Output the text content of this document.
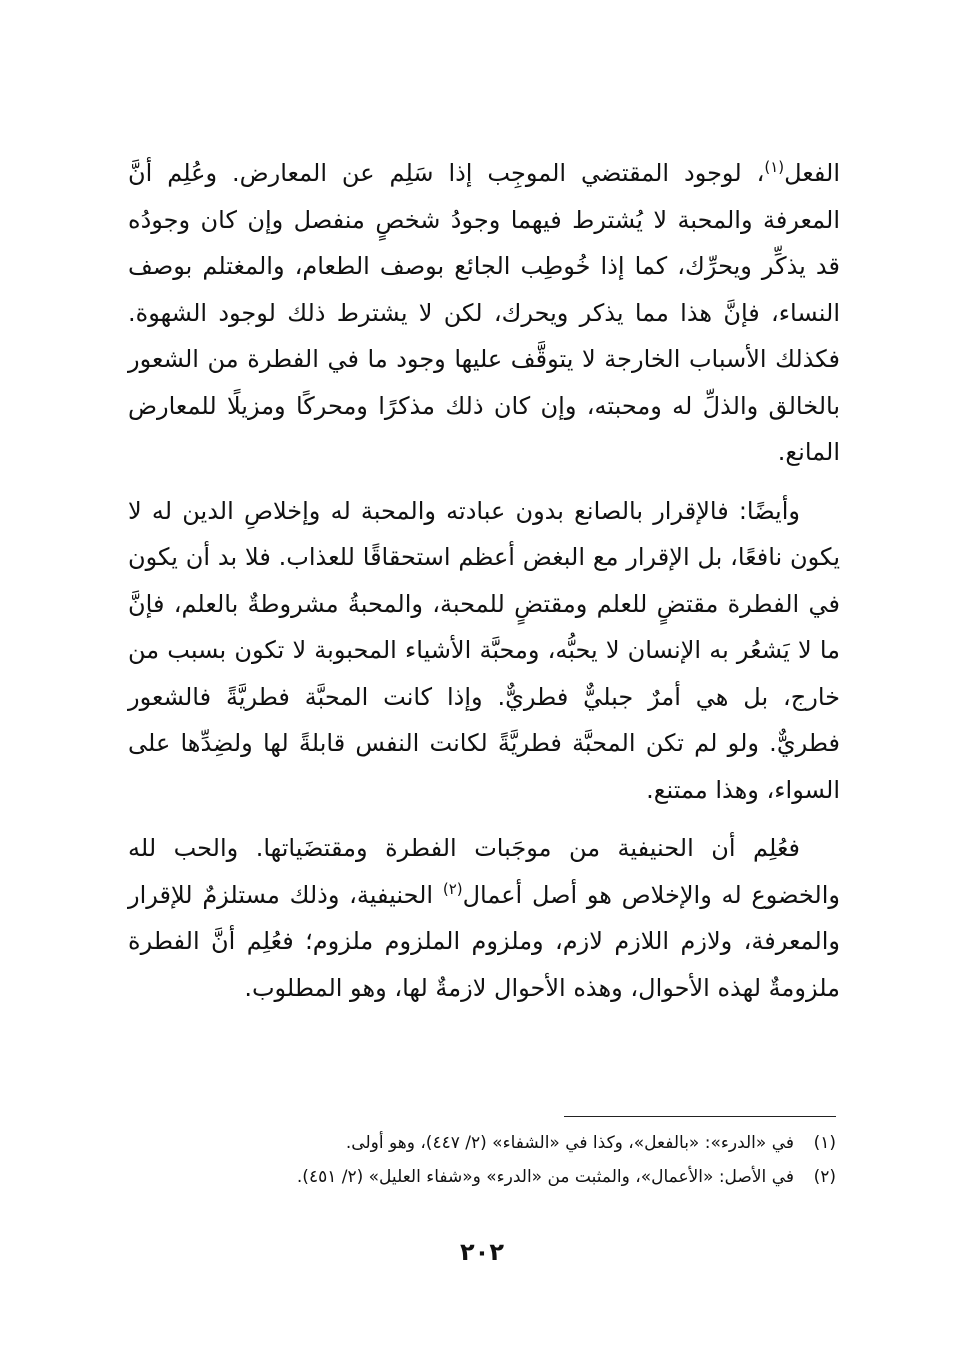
الفعل$^{(١)}$، لوجود المقتضي الموجِب إذا سَلِم عن المعارض. وعُلِم أنَّ المعرفة والمحبة لا يُشترط فيهما وجودُ شخصٍ منفصل وإن كان وجودُه قد يذكِّر ويحرِّك، كما إذا خُوطِب الجائع بوصف الطعام، والمغتلم بوصف النساء، فإنَّ هذا مما يذكر ويحرك، لكن لا يشترط ذلك لوجود الشهوة. فكذلك الأسباب الخارجة لا يتوقَّف عليها وجود ما في الفطرة من الشعور بالخالق والذلِّ له ومحبته، وإن كان ذلك مذكرًا ومحركًا ومزيلًا للمعارض المانع.

وأيضًا: فالإقرار بالصانع بدون عبادته والمحبة له وإخلاصِ الدين له لا يكون نافعًا، بل الإقرار مع البغض أعظم استحقاقًا للعذاب. فلا بد أن يكون في الفطرة مقتضٍ للعلم ومقتضٍ للمحبة، والمحبةُ مشروطةٌ بالعلم، فإنَّ ما لا يَشعُر به الإنسان لا يحبُّه، ومحبَّة الأشياء المحبوبة لا تكون بسبب من خارج، بل هي أمرٌ جبليٌّ فطريٌّ. وإذا كانت المحبَّة فطريَّةً فالشعور فطريٌّ. ولو لم تكن المحبَّة فطريَّةً لكانت النفس قابلةً لها ولضِدِّها على السواء، وهذا ممتنع.

فعُلِم أن الحنيفية من موجَبات الفطرة ومقتضَياتها. والحب لله والخضوع له والإخلاص هو أصل أعمال$^{(٢)}$ الحنيفية، وذلك مستلزمٌ للإقرار والمعرفة، ولازم اللازم لازم، وملزوم الملزوم ملزوم؛ فعُلِم أنَّ الفطرة ملزومةٌ لهذه الأحوال، وهذه الأحوال لازمةٌ لها، وهو المطلوب.

(١)في «الدرء»: «بالفعل»، وكذا في «الشفاء» (٢/ ٤٤٧)، وهو أولى.

(٢)في الأصل: «الأعمال»، والمثبت من «الدرء» و«شفاء العليل» (٢/ ٤٥١).

٢٠٢
